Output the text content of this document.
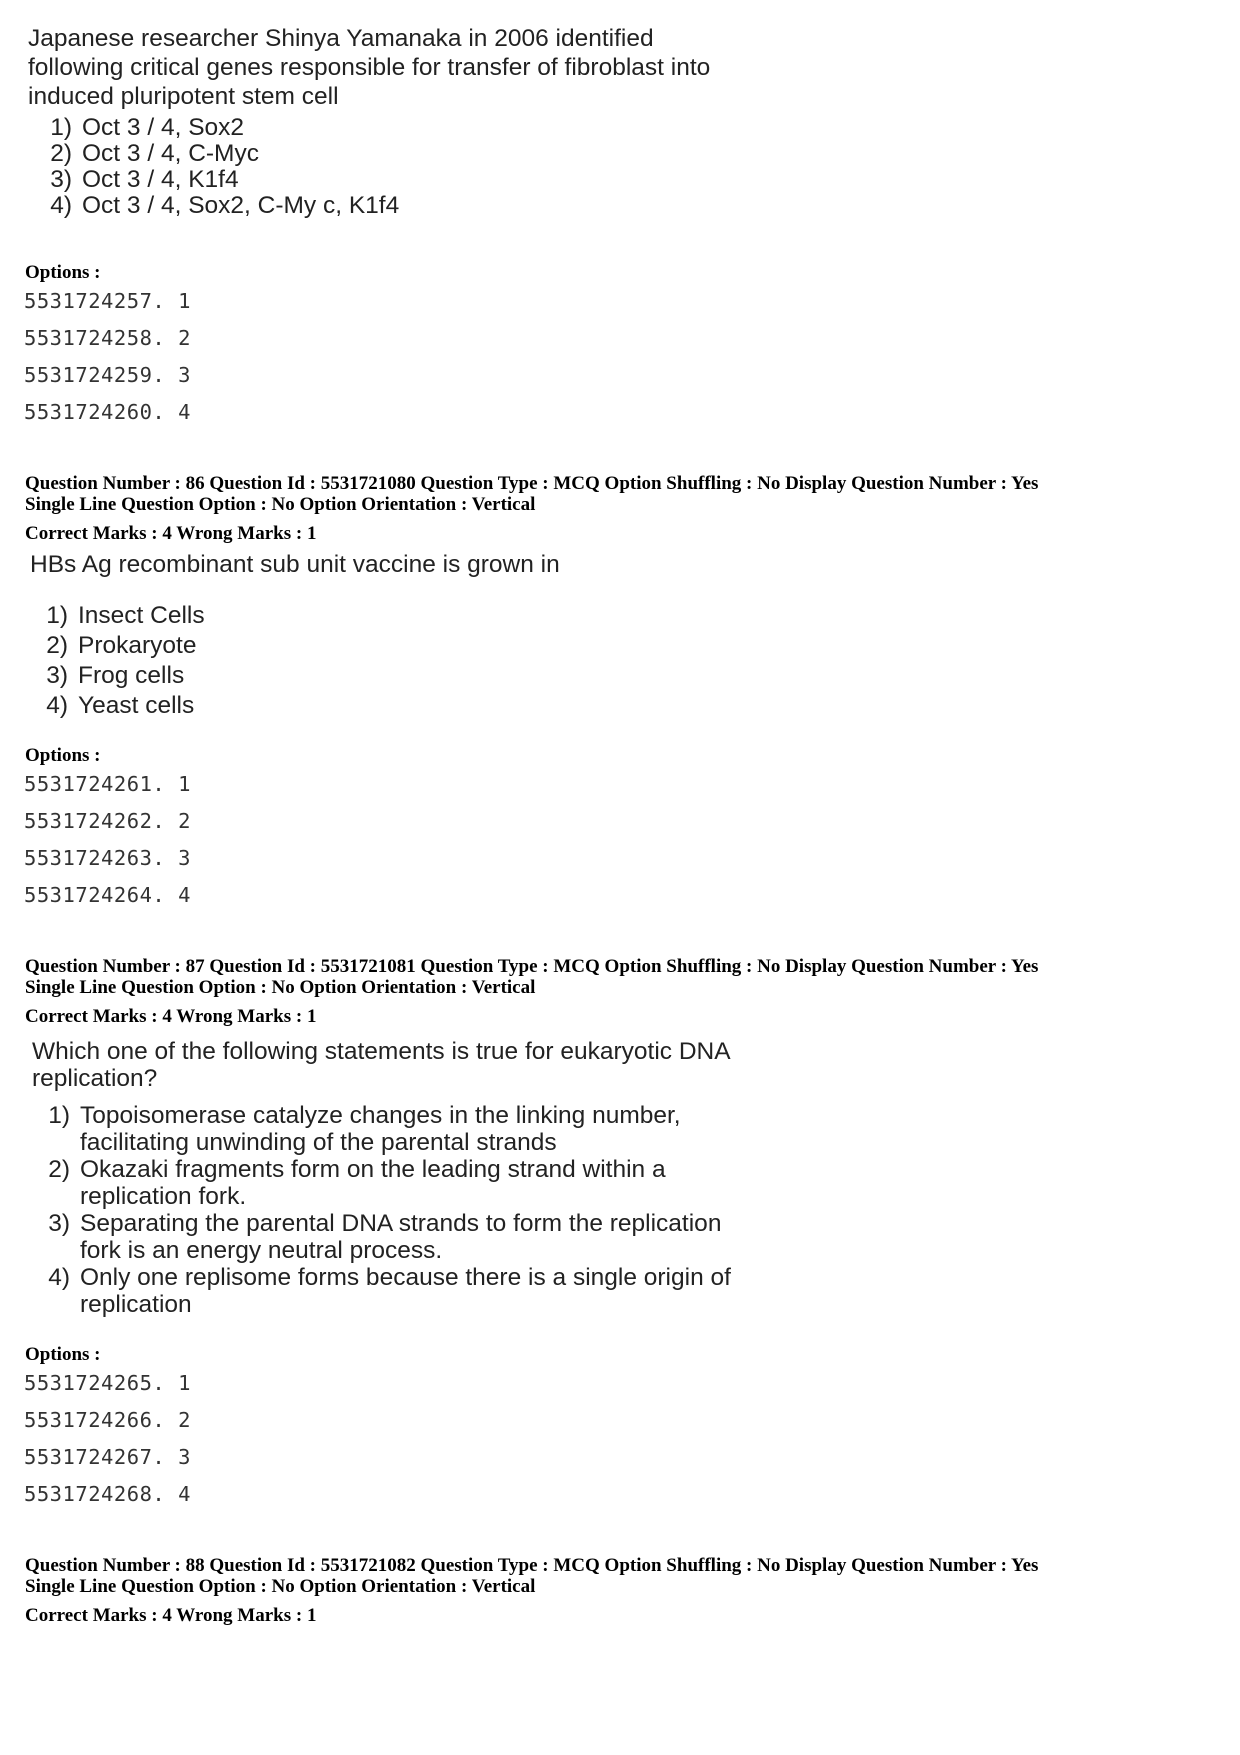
Japanese researcher Shinya Yamanaka in 2006 identified
following critical genes responsible for transfer of fibroblast into
induced pluripotent stem cell

1) Oct 3 / 4, Sox2
2) Oct 3 / 4, C-Myc
3) Oct 3 / 4, K1f4
4) Oct 3 / 4, Sox2, C-My c, K1f4
Options :
5531724257. 1
5531724258. 2
5531724259. 3
5531724260. 4
Question Number : 86 Question Id : 5531721080 Question Type : MCQ Option Shuffling : No Display Question Number : Yes
Single Line Question Option : No Option Orientation : Vertical
Correct Marks : 4 Wrong Marks : 1

HBs Ag recombinant sub unit vaccine is grown in

1) Insect Cells
2) Prokaryote
3) Frog cells
4) Yeast cells
Options :
5531724261. 1
5531724262. 2
5531724263. 3
5531724264. 4
Question Number : 87 Question Id : 5531721081 Question Type : MCQ Option Shuffling : No Display Question Number : Yes
Single Line Question Option : No Option Orientation : Vertical
Correct Marks : 4 Wrong Marks : 1

Which one of the following statements is true for eukaryotic DNA
replication?

1) Topoisomerase catalyze changes in the linking number,
facilitating unwinding of the parental strands
2) Okazaki fragments form on the leading strand within a
replication fork.
3) Separating the parental DNA strands to form the replication
fork is an energy neutral process.
4) Only one replisome forms because there is a single origin of
replication
Options :
5531724265. 1
5531724266. 2
5531724267. 3
5531724268. 4
Question Number : 88 Question Id : 5531721082 Question Type : MCQ Option Shuffling : No Display Question Number : Yes
Single Line Question Option : No Option Orientation : Vertical
Correct Marks : 4 Wrong Marks : 1
